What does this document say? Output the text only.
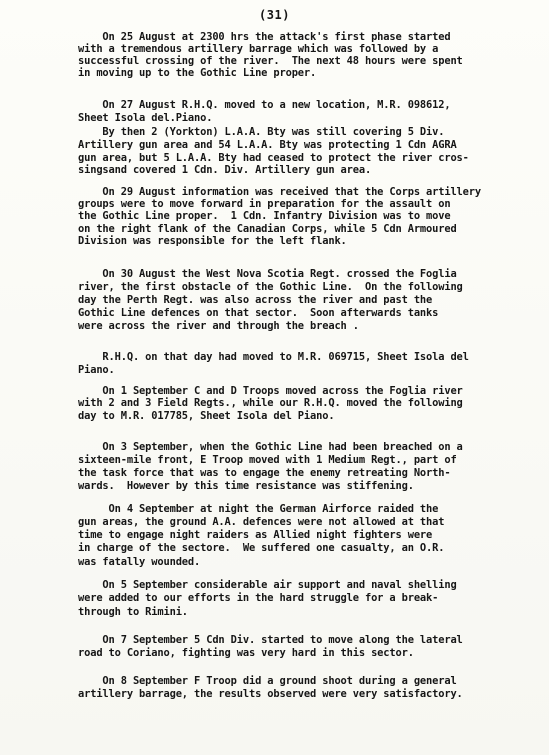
(31)
On 25 August at 2300 hrs the attack's first phase started
with a tremendous artillery barrage which was followed by a
successful crossing of the river.  The next 48 hours were spent
in moving up to the Gothic Line proper.
On 27 August R.H.Q. moved to a new location, M.R. 098612,
Sheet Isola del.Piano.
By then 2 (Yorkton) L.A.A. Bty was still covering 5 Div.
Artillery gun area and 54 L.A.A. Bty was protecting 1 Cdn AGRA
gun area, but 5 L.A.A. Bty had ceased to protect the river cros-
singsand covered 1 Cdn. Div. Artillery gun area.
On 29 August information was received that the Corps artillery
groups were to move forward in preparation for the assault on
the Gothic Line proper.  1 Cdn. Infantry Division was to move
on the right flank of the Canadian Corps, while 5 Cdn Armoured
Division was responsible for the left flank.
On 30 August the West Nova Scotia Regt. crossed the Foglia
river, the first obstacle of the Gothic Line.  On the following
day the Perth Regt. was also across the river and past the
Gothic Line defences on that sector.  Soon afterwards tanks
were across the river and through the breach .
R.H.Q. on that day had moved to M.R. 069715, Sheet Isola del
Piano.
On 1 September C and D Troops moved across the Foglia river
with 2 and 3 Field Regts., while our R.H.Q. moved the following
day to M.R. 017785, Sheet Isola del Piano.
On 3 September, when the Gothic Line had been breached on a
sixteen-mile front, E Troop moved with 1 Medium Regt., part of
the task force that was to engage the enemy retreating North-
wards.  However by this time resistance was stiffening.
On 4 September at night the German Airforce raided the
gun areas, the ground A.A. defences were not allowed at that
time to engage night raiders as Allied night fighters were
in charge of the sectore.  We suffered one casualty, an O.R.
was fatally wounded.
On 5 September considerable air support and naval shelling
were added to our efforts in the hard struggle for a break-
through to Rimini.
On 7 September 5 Cdn Div. started to move along the lateral
road to Coriano, fighting was very hard in this sector.
On 8 September F Troop did a ground shoot during a general
artillery barrage, the results observed were very satisfactory.
